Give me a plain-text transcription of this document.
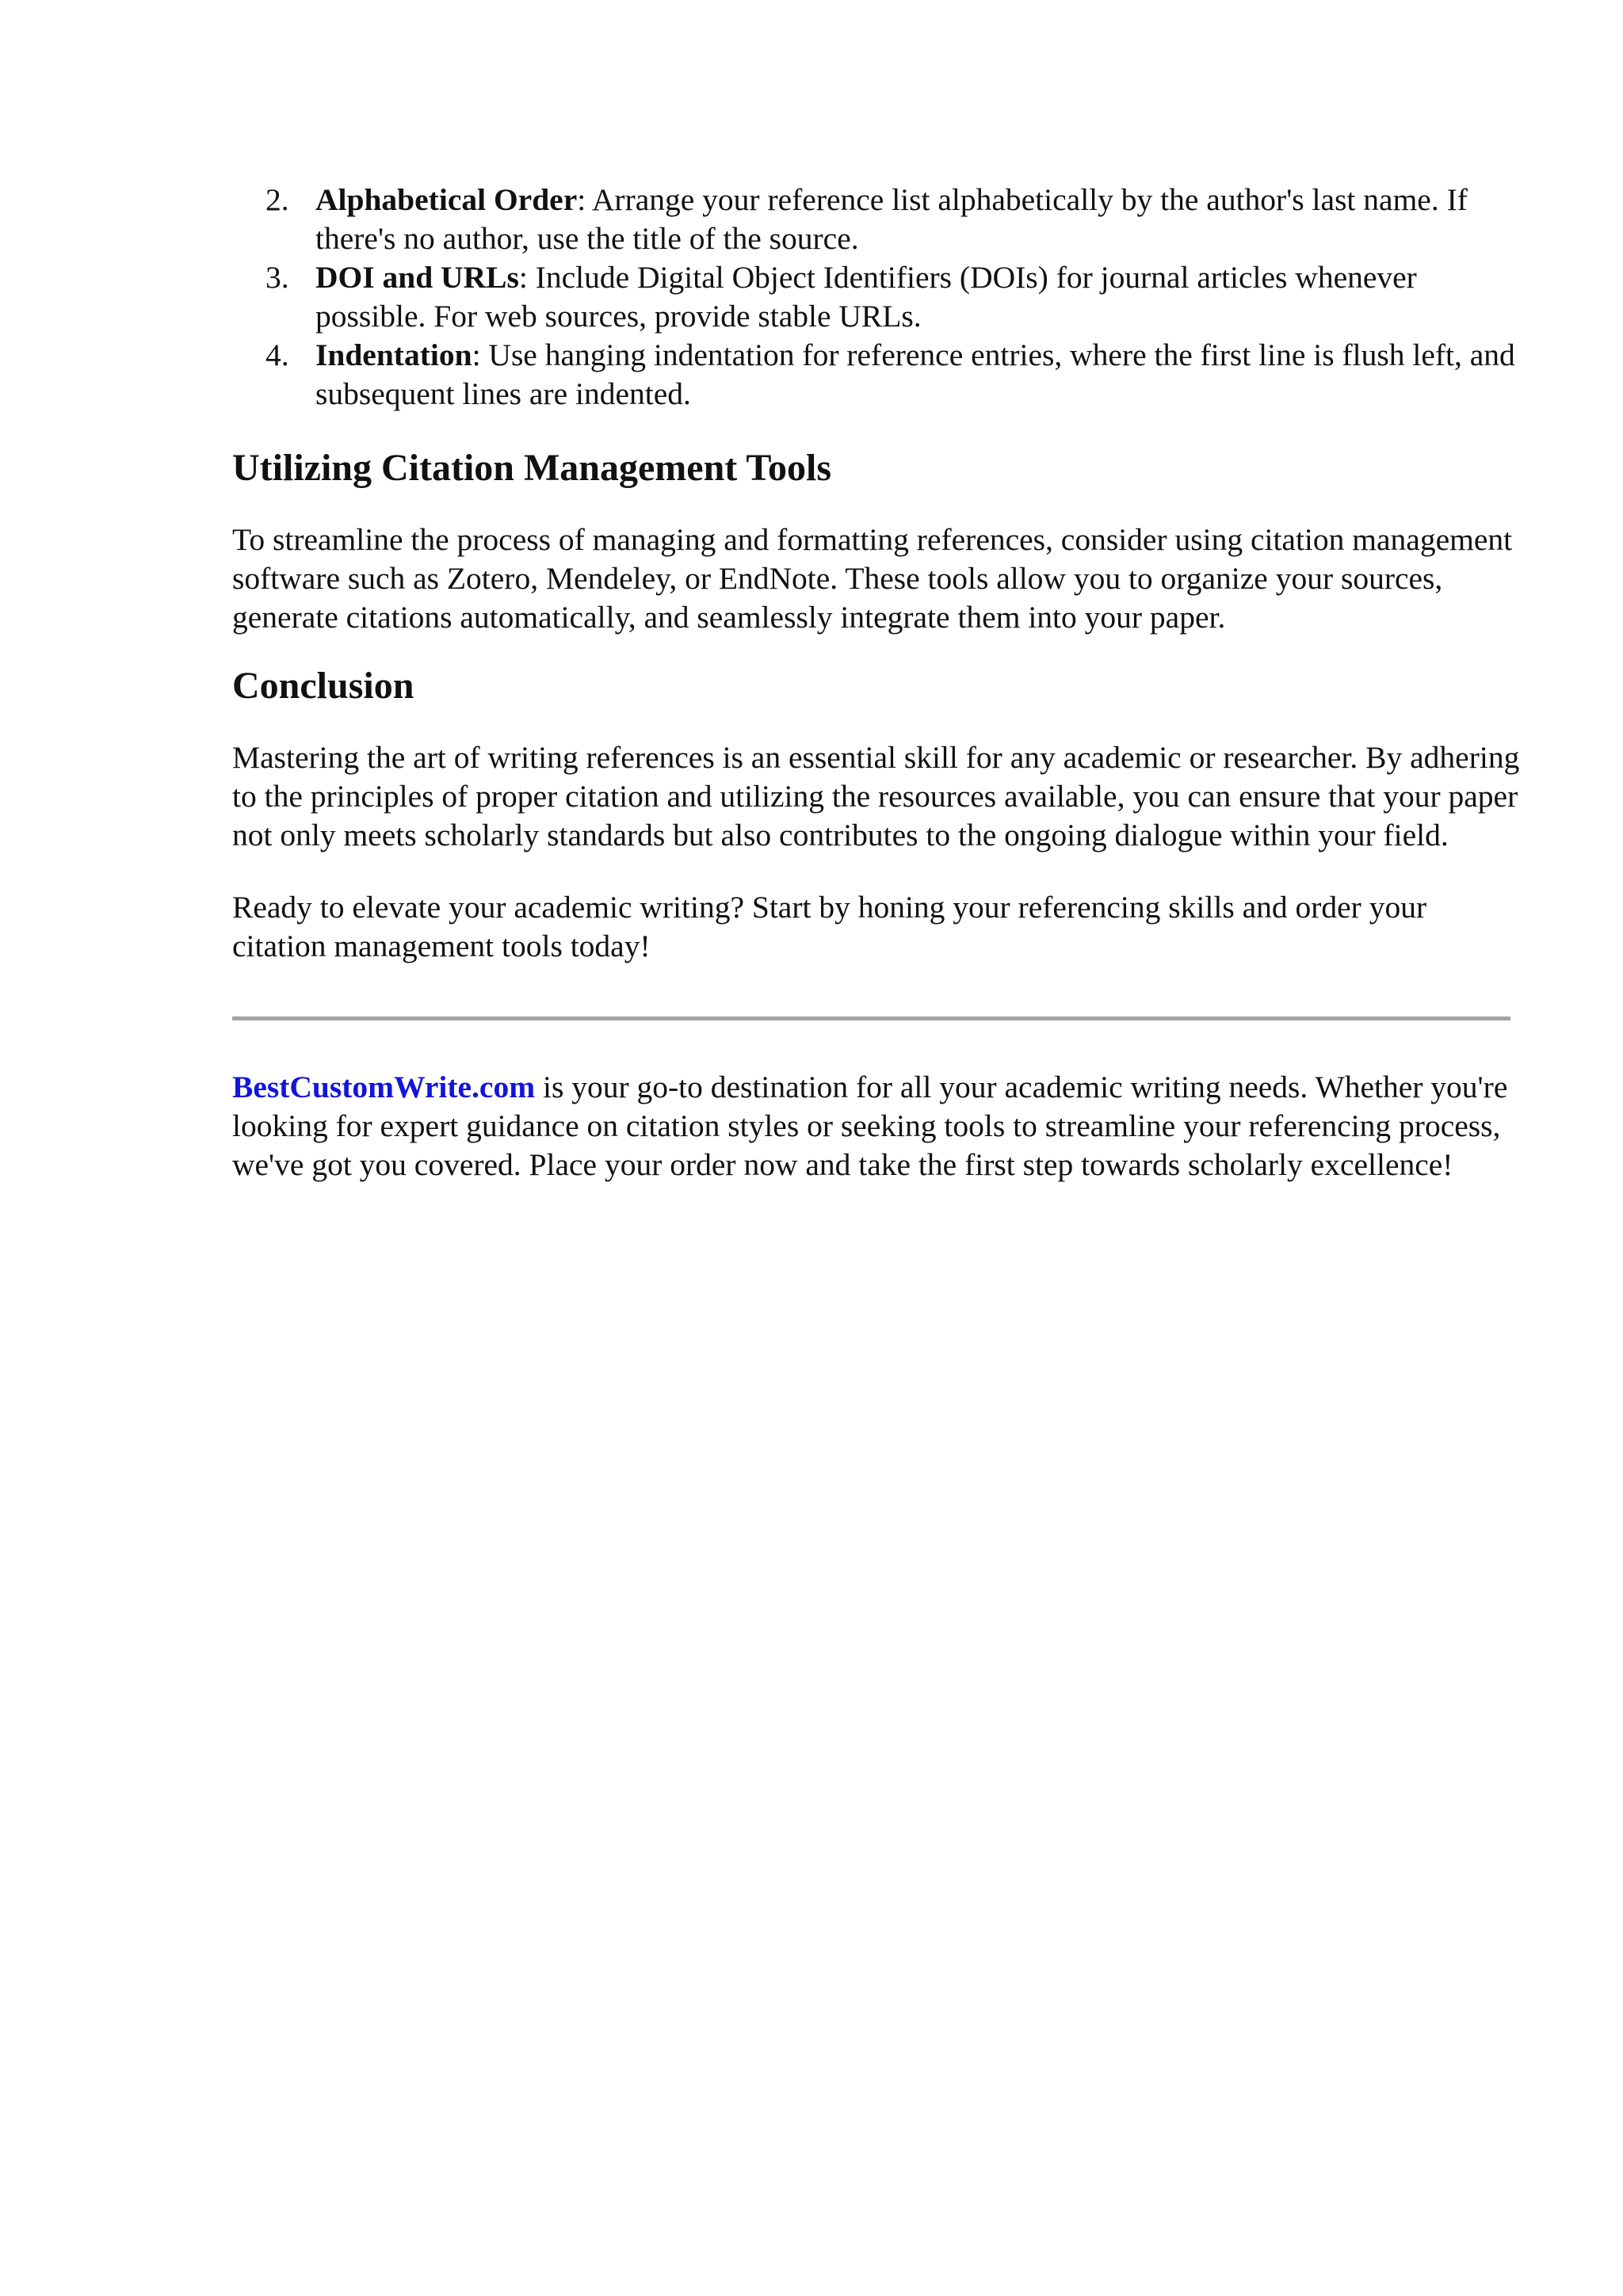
2. Alphabetical Order: Arrange your reference list alphabetically by the author's last name. If there's no author, use the title of the source.
3. DOI and URLs: Include Digital Object Identifiers (DOIs) for journal articles whenever possible. For web sources, provide stable URLs.
4. Indentation: Use hanging indentation for reference entries, where the first line is flush left, and subsequent lines are indented.
Utilizing Citation Management Tools

To streamline the process of managing and formatting references, consider using citation management software such as Zotero, Mendeley, or EndNote. These tools allow you to organize your sources, generate citations automatically, and seamlessly integrate them into your paper.

Conclusion

Mastering the art of writing references is an essential skill for any academic or researcher. By adhering to the principles of proper citation and utilizing the resources available, you can ensure that your paper not only meets scholarly standards but also contributes to the ongoing dialogue within your field.

Ready to elevate your academic writing? Start by honing your referencing skills and order your citation management tools today!

BestCustomWrite.com is your go-to destination for all your academic writing needs. Whether you're looking for expert guidance on citation styles or seeking tools to streamline your referencing process, we've got you covered. Place your order now and take the first step towards scholarly excellence!
